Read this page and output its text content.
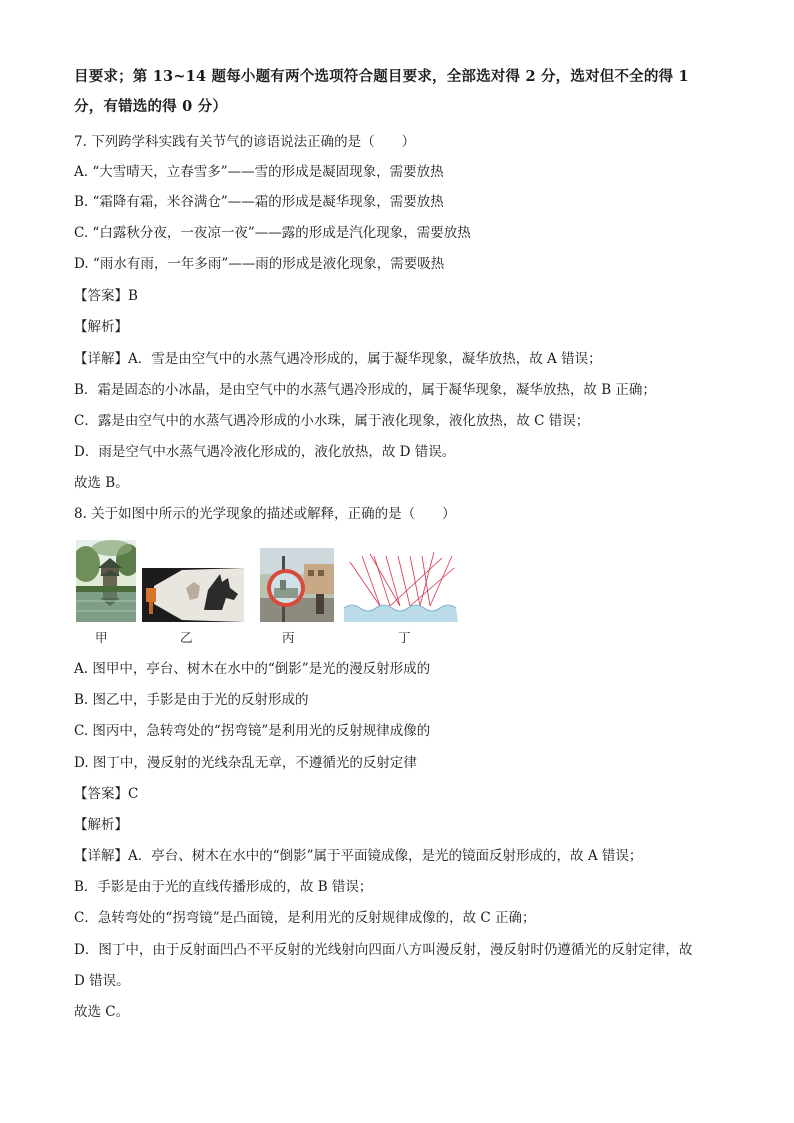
目要求；第 13~14 题每小题有两个选项符合题目要求，全部选对得 2 分，选对但不全的得 1
分，有错选的得 0 分）
7. 下列跨学科实践有关节气的谚语说法正确的是（　　）
A. “大雪晴天，立春雪多”——雪的形成是凝固现象，需要放热
B. “霜降有霜，米谷满仓”——霜的形成是凝华现象，需要放热
C. “白露秋分夜，一夜凉一夜”——露的形成是汽化现象，需要放热
D. “雨水有雨，一年多雨”——雨的形成是液化现象，需要吸热
【答案】B
【解析】
【详解】A．雪是由空气中的水蒸气遇冷形成的，属于凝华现象，凝华放热，故 A 错误；
B．霜是固态的小冰晶，是由空气中的水蒸气遇冷形成的，属于凝华现象，凝华放热，故 B 正确；
C．露是由空气中的水蒸气遇冷形成的小水珠，属于液化现象，液化放热，故 C 错误；
D．雨是空气中水蒸气遇冷液化形成的，液化放热，故 D 错误。
故选 B。
8. 关于如图中所示的光学现象的描述或解释，正确的是（　　）
甲	乙	丙	丁
A. 图甲中，亭台、树木在水中的“倒影”是光的漫反射形成的
B. 图乙中，手影是由于光的反射形成的
C. 图丙中，急转弯处的“拐弯镜”是利用光的反射规律成像的
D. 图丁中，漫反射的光线杂乱无章，不遵循光的反射定律
【答案】C
【解析】
【详解】A．亭台、树木在水中的“倒影”属于平面镜成像，是光的镜面反射形成的，故 A 错误；
B．手影是由于光的直线传播形成的，故 B 错误；
C．急转弯处的“拐弯镜”是凸面镜，是利用光的反射规律成像的，故 C 正确；
D．图丁中，由于反射面凹凸不平反射的光线射向四面八方叫漫反射，漫反射时仍遵循光的反射定律，故
D 错误。
故选 C。
